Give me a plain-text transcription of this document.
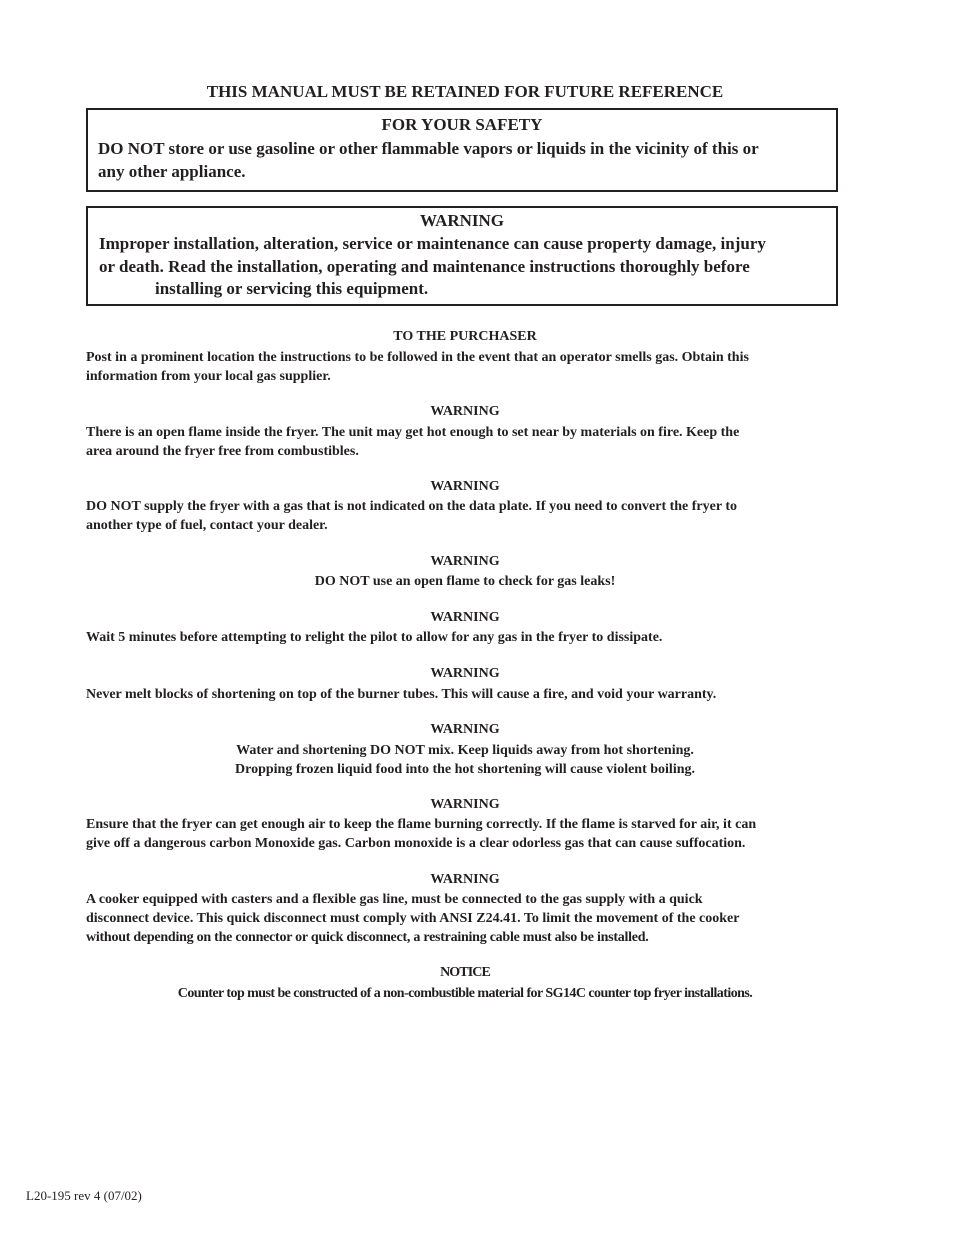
THIS MANUAL MUST BE RETAINED FOR FUTURE REFERENCE
FOR YOUR SAFETY
DO NOT store or use gasoline or other flammable vapors or liquids in the vicinity of this or
any other appliance.
WARNING
Improper installation, alteration, service or maintenance can cause property damage, injury
or death. Read the installation, operating and maintenance instructions thoroughly before
installing or servicing this equipment.
TO THE PURCHASER
Post in a prominent location the instructions to be followed in the event that an operator smells gas. Obtain this
information from your local gas supplier.
WARNING
There is an open flame inside the fryer. The unit may get hot enough to set near by materials on fire. Keep the
area around the fryer free from combustibles.
WARNING
DO NOT supply the fryer with a gas that is not indicated on the data plate. If you need to convert the fryer to
another type of fuel, contact your dealer.
WARNING
DO NOT use an open flame to check for gas leaks!
WARNING
Wait 5 minutes before attempting to relight the pilot to allow for any gas in the fryer to dissipate.
WARNING
Never melt blocks of shortening on top of the burner tubes. This will cause a fire, and void your warranty.
WARNING
Water and shortening DO NOT mix. Keep liquids away from hot shortening.
Dropping frozen liquid food into the hot shortening will cause violent boiling.
WARNING
Ensure that the fryer can get enough air to keep the flame burning correctly. If the flame is starved for air, it can
give off a dangerous carbon Monoxide gas. Carbon monoxide is a clear odorless gas that can cause suffocation.
WARNING
A cooker equipped with casters and a flexible gas line, must be connected to the gas supply with a quick
disconnect device. This quick disconnect must comply with ANSI Z24.41. To limit the movement of the cooker
without depending on the connector or quick disconnect, a restraining cable must also be installed.
NOTICE
Counter top must be constructed of a non-combustible material for SG14C counter top fryer installations.
L20-195 rev 4 (07/02)
